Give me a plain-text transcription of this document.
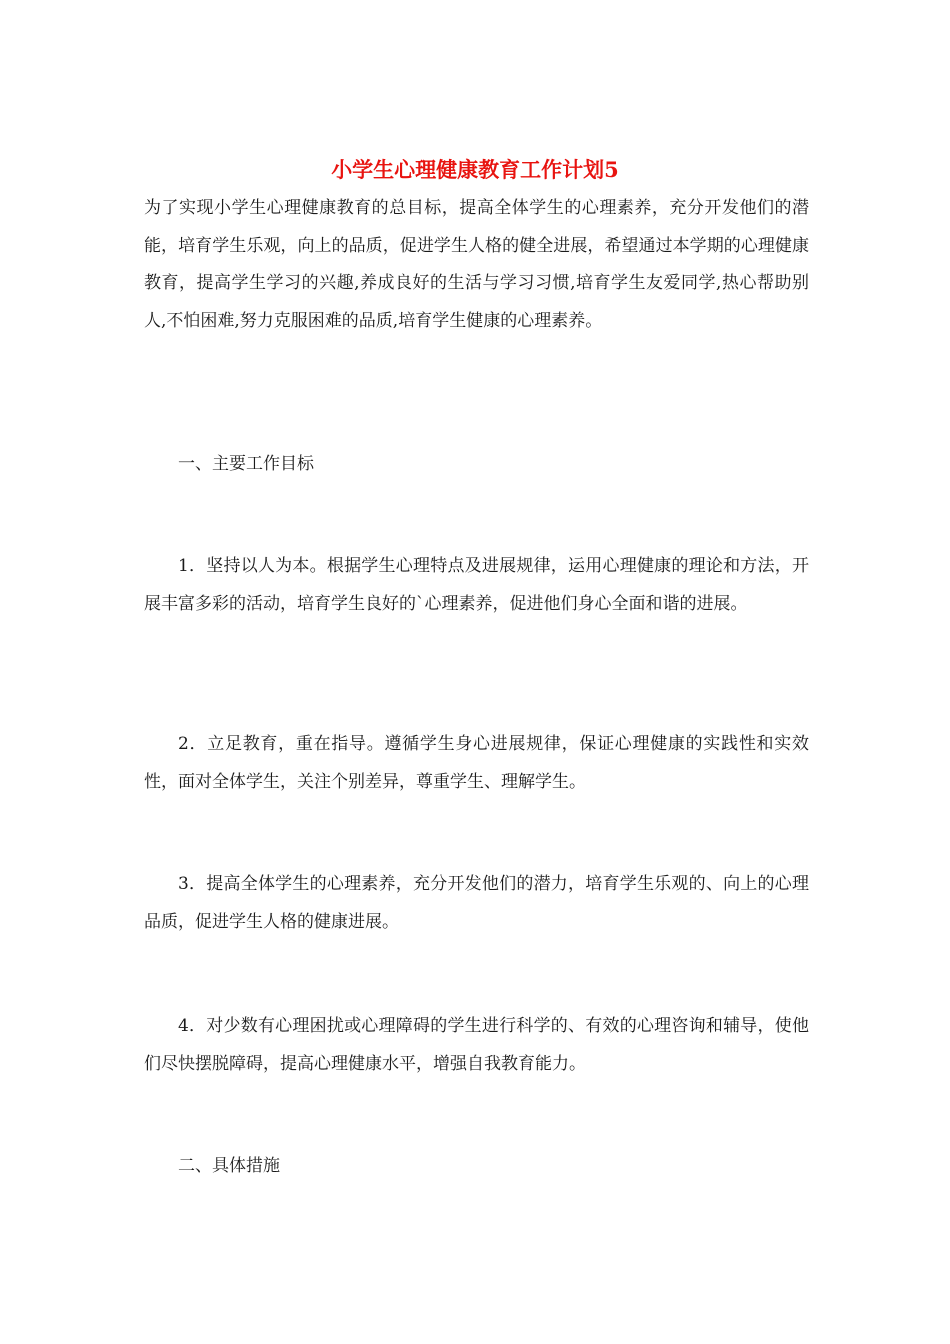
小学生心理健康教育工作计划5

为了实现小学生心理健康教育的总目标，提高全体学生的心理素养，充分开发他们的潜能，培育学生乐观，向上的品质，促进学生人格的健全进展，希望通过本学期的心理健康教育，提高学生学习的兴趣,养成良好的生活与学习习惯,培育学生友爱同学,热心帮助别人,不怕困难,努力克服困难的品质,培育学生健康的心理素养。

一、主要工作目标

1．坚持以人为本。根据学生心理特点及进展规律，运用心理健康的理论和方法，开展丰富多彩的活动，培育学生良好的`心理素养，促进他们身心全面和谐的进展。

2．立足教育，重在指导。遵循学生身心进展规律，保证心理健康的实践性和实效性，面对全体学生，关注个别差异，尊重学生、理解学生。

3．提高全体学生的心理素养，充分开发他们的潜力，培育学生乐观的、向上的心理品质，促进学生人格的健康进展。

4．对少数有心理困扰或心理障碍的学生进行科学的、有效的心理咨询和辅导，使他们尽快摆脱障碍，提高心理健康水平，增强自我教育能力。

二、具体措施
